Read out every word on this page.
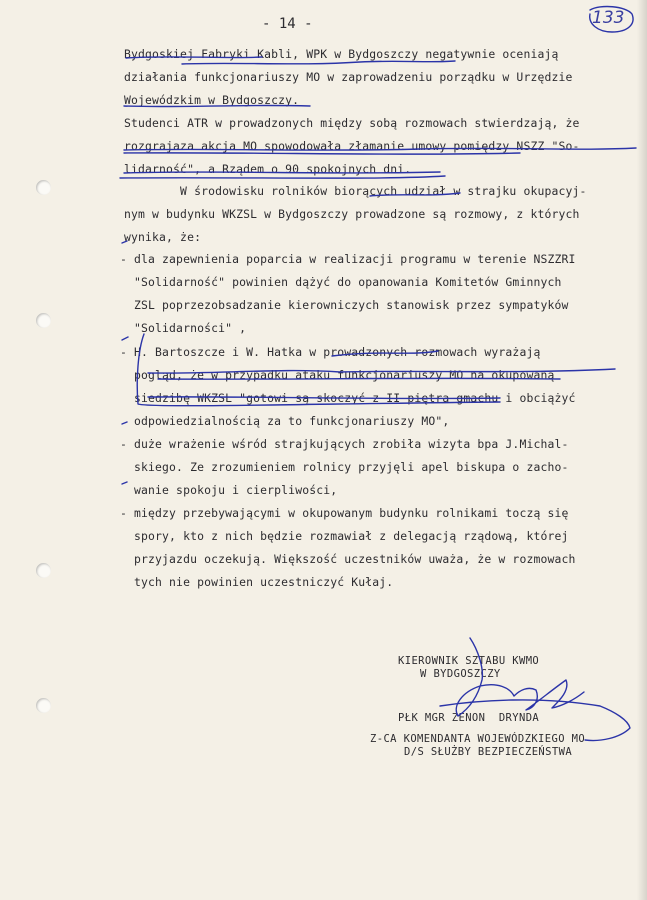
- 14 -	133
Bydgoskiej Fabryki Kabli, WPK w Bydgoszczy negatywnie oceniają
działania funkcjonariuszy MO w zaprowadzeniu porządku w Urzędzie
Wojewódzkim w Bydgoszczy.
Studenci ATR w prowadzonych między sobą rozmowach stwierdzają, że
rozgrajaza akcja MO spowodowała złamanie umowy pomiędzy NSZZ "So-
lidarność", a Rządem o 90 spokojnych dni.
W środowisku rolników biorących udział w strajku okupacyj-
nym w budynku WKZSL w Bydgoszczy prowadzone są rozmowy, z których
wynika, że:
- dla zapewnienia poparcia w realizacji programu w terenie NSZZRI
"Solidarność" powinien dążyć do opanowania Komitetów Gminnych
ZSL poprzezobsadzanie kierowniczych stanowisk przez sympatyków
"Solidarności" ,
- H. Bartoszcze i W. Hatka w prowadzonych rozmowach wyrażają
pogląd, że w przypadku ataku funkcjonariuszy MO na okupowaną
siedzibę WKZSL "gotowi są skoczyć z II piętra gmachu i obciążyć
odpowiedzialnością za to funkcjonariuszy MO",
- duże wrażenie wśród strajkujących zrobiła wizyta bpa J.Michal-
skiego. Ze zrozumieniem rolnicy przyjęli apel biskupa o zacho-
wanie spokoju i cierpliwości,
- między przebywającymi w okupowanym budynku rolnikami toczą się
spory, kto z nich będzie rozmawiał z delegacją rządową, której
przyjazdu oczekują. Większość uczestników uważa, że w rozmowach
tych nie powinien uczestniczyć Kułaj.
KIEROWNIK SZTABU KWMO
W BYDGOSZCZY
PŁK MGR ZENON  DRYNDA
Z-CA KOMENDANTA WOJEWÓDZKIEGO MO
D/S SŁUŻBY BEZPIECZEŃSTWA
